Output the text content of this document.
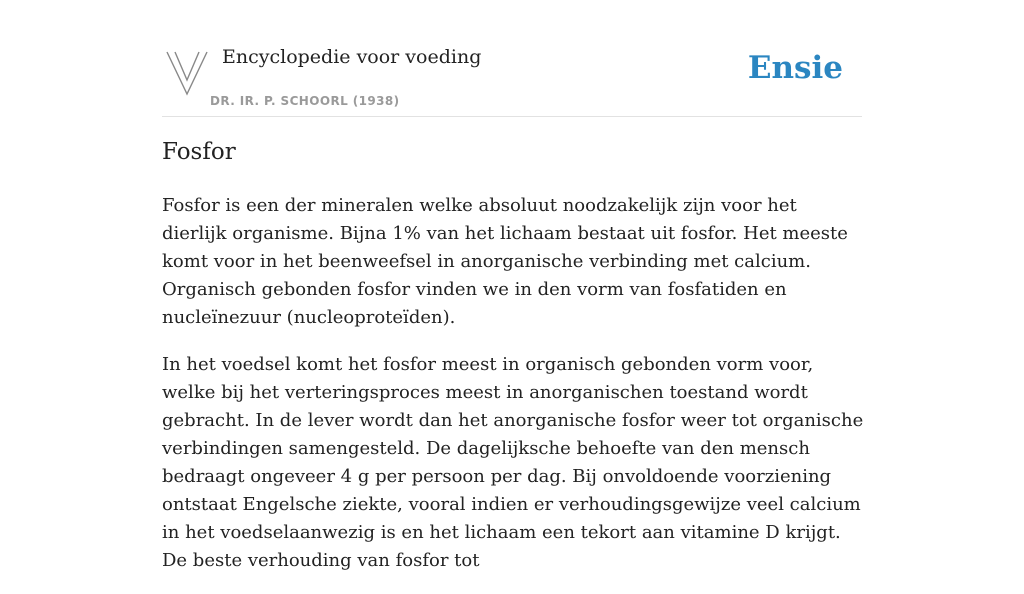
Encyclopedie voor voeding
DR. IR. P. SCHOORL (1938)
Ensie
Fosfor

Fosfor is een der mineralen welke absoluut noodzakelijk zijn voor het dierlijk organisme. Bijna 1% van het lichaam bestaat uit fosfor. Het meeste komt voor in het beenweefsel in anorganische verbinding met calcium. Organisch gebonden fosfor vinden we in den vorm van fosfatiden en nucleïnezuur (nucleoproteïden).

In het voedsel komt het fosfor meest in organisch gebonden vorm voor, welke bij het verteringsproces meest in anorganischen toestand wordt gebracht. In de lever wordt dan het anorganische fosfor weer tot organische verbindingen samengesteld. De dagelijksche behoefte van den mensch bedraagt ongeveer 4 g per persoon per dag. Bij onvoldoende voorziening ontstaat Engelsche ziekte, vooral indien er verhoudingsgewijze veel calcium in het voedselaanwezig is en het lichaam een tekort aan vitamine D krijgt. De beste verhouding van fosfor tot
